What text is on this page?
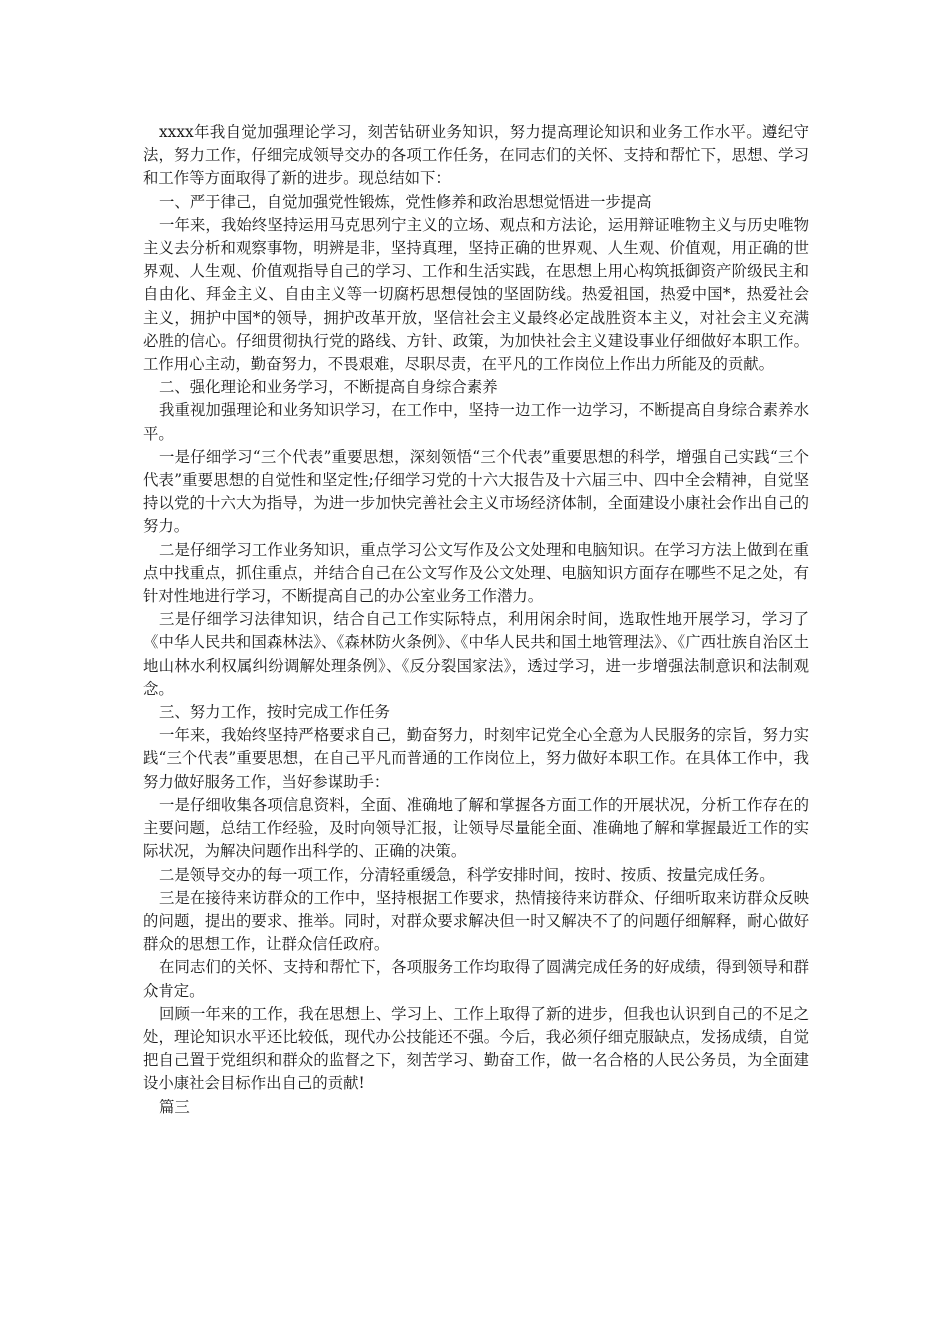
xxxx年我自觉加强理论学习，刻苦钻研业务知识，努力提高理论知识和业务工作水平。遵纪守法，努力工作，仔细完成领导交办的各项工作任务，在同志们的关怀、支持和帮忙下，思想、学习和工作等方面取得了新的进步。现总结如下：

一、严于律己，自觉加强党性锻炼，党性修养和政治思想觉悟进一步提高

一年来，我始终坚持运用马克思列宁主义的立场、观点和方法论，运用辩证唯物主义与历史唯物主义去分析和观察事物，明辨是非，坚持真理，坚持正确的世界观、人生观、价值观，用正确的世界观、人生观、价值观指导自己的学习、工作和生活实践，在思想上用心构筑抵御资产阶级民主和自由化、拜金主义、自由主义等一切腐朽思想侵蚀的坚固防线。热爱祖国，热爱中国*，热爱社会主义，拥护中国*的领导，拥护改革开放，坚信社会主义最终必定战胜资本主义，对社会主义充满必胜的信心。仔细贯彻执行党的路线、方针、政策，为加快社会主义建设事业仔细做好本职工作。工作用心主动，勤奋努力，不畏艰难，尽职尽责，在平凡的工作岗位上作出力所能及的贡献。

二、强化理论和业务学习，不断提高自身综合素养

我重视加强理论和业务知识学习，在工作中，坚持一边工作一边学习，不断提高自身综合素养水平。

一是仔细学习“三个代表”重要思想，深刻领悟“三个代表”重要思想的科学，增强自己实践“三个代表”重要思想的自觉性和坚定性;仔细学习党的十六大报告及十六届三中、四中全会精神，自觉坚持以党的十六大为指导，为进一步加快完善社会主义市场经济体制，全面建设小康社会作出自己的努力。

二是仔细学习工作业务知识，重点学习公文写作及公文处理和电脑知识。在学习方法上做到在重点中找重点，抓住重点，并结合自己在公文写作及公文处理、电脑知识方面存在哪些不足之处，有针对性地进行学习，不断提高自己的办公室业务工作潜力。

三是仔细学习法律知识，结合自己工作实际特点，利用闲余时间，选取性地开展学习，学习了《中华人民共和国森林法》、《森林防火条例》、《中华人民共和国土地管理法》、《广西壮族自治区土地山林水利权属纠纷调解处理条例》、《反分裂国家法》，透过学习，进一步增强法制意识和法制观念。

三、努力工作，按时完成工作任务

一年来，我始终坚持严格要求自己，勤奋努力，时刻牢记党全心全意为人民服务的宗旨，努力实践“三个代表”重要思想，在自己平凡而普通的工作岗位上，努力做好本职工作。在具体工作中，我努力做好服务工作，当好参谋助手：

一是仔细收集各项信息资料，全面、准确地了解和掌握各方面工作的开展状况，分析工作存在的主要问题，总结工作经验，及时向领导汇报，让领导尽量能全面、准确地了解和掌握最近工作的实际状况，为解决问题作出科学的、正确的决策。

二是领导交办的每一项工作，分清轻重缓急，科学安排时间，按时、按质、按量完成任务。

三是在接待来访群众的工作中，坚持根据工作要求，热情接待来访群众、仔细听取来访群众反映的问题，提出的要求、推举。同时，对群众要求解决但一时又解决不了的问题仔细解释，耐心做好群众的思想工作，让群众信任政府。

在同志们的关怀、支持和帮忙下，各项服务工作均取得了圆满完成任务的好成绩，得到领导和群众肯定。

回顾一年来的工作，我在思想上、学习上、工作上取得了新的进步，但我也认识到自己的不足之处，理论知识水平还比较低，现代办公技能还不强。今后，我必须仔细克服缺点，发扬成绩，自觉把自己置于党组织和群众的监督之下，刻苦学习、勤奋工作，做一名合格的人民公务员，为全面建设小康社会目标作出自己的贡献!

篇三
